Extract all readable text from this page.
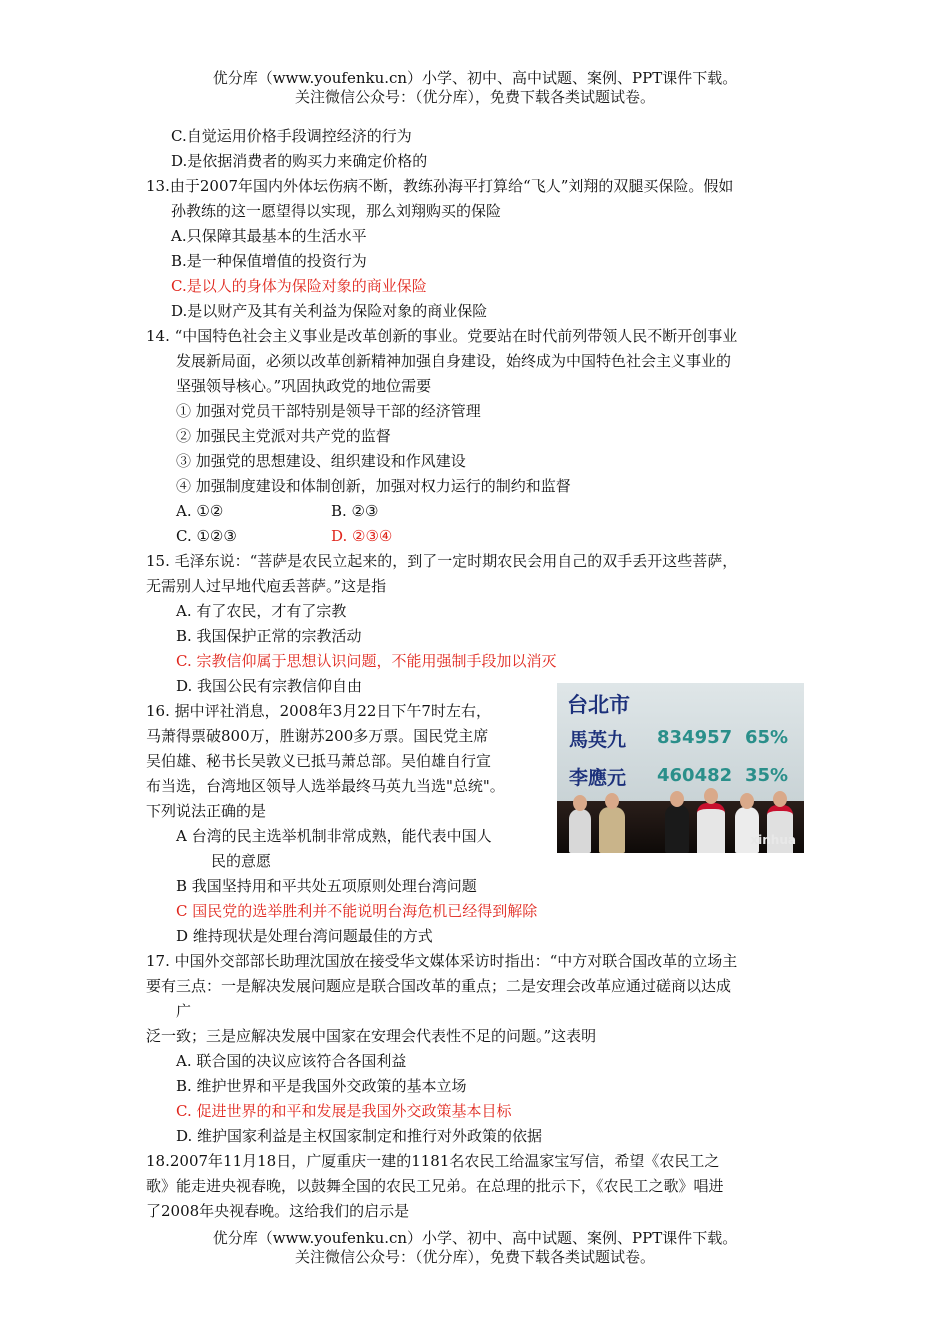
优分库（www.youfenku.cn）小学、初中、高中试题、案例、PPT课件下载。
关注微信公众号：（优分库），免费下载各类试题试卷。
C.自觉运用价格手段调控经济的行为
D.是依据消费者的购买力来确定价格的
13.由于2007年国内外体坛伤病不断，教练孙海平打算给“飞人”刘翔的双腿买保险。假如
孙教练的这一愿望得以实现，那么刘翔购买的保险
A.只保障其最基本的生活水平
B.是一种保值增值的投资行为
C.是以人的身体为保险对象的商业保险
D.是以财产及其有关利益为保险对象的商业保险
14. “中国特色社会主义事业是改革创新的事业。党要站在时代前列带领人民不断开创事业
发展新局面，必须以改革创新精神加强自身建设，始终成为中国特色社会主义事业的
坚强领导核心。”巩固执政党的地位需要
① 加强对党员干部特别是领导干部的经济管理
② 加强民主党派对共产党的监督
③ 加强党的思想建设、组织建设和作风建设
④ 加强制度建设和体制创新，加强对权力运行的制约和监督
A. ①②	B. ②③
C. ①②③	D. ②③④
15. 毛泽东说：“菩萨是农民立起来的，到了一定时期农民会用自己的双手丢开这些菩萨，
无需别人过早地代庖丢菩萨。”这是指
A. 有了农民，才有了宗教
B. 我国保护正常的宗教活动
C. 宗教信仰属于思想认识问题，不能用强制手段加以消灭
D. 我国公民有宗教信仰自由
16. 据中评社消息，2008年3月22日下午7时左右，
马萧得票破800万，胜谢苏200多万票。国民党主席
吴伯雄、秘书长吴敦义已抵马萧总部。吴伯雄自行宣
布当选，台湾地区领导人选举最终马英九当选"总统"。
下列说法正确的是
A 台湾的民主选举机制非常成熟，能代表中国人
民的意愿
B 我国坚持用和平共处五项原则处理台湾问题
C 国民党的选举胜利并不能说明台海危机已经得到解除
D 维持现状是处理台湾问题最佳的方式
17. 中国外交部部长助理沈国放在接受华文媒体采访时指出：“中方对联合国改革的立场主
要有三点：一是解决发展问题应是联合国改革的重点；二是安理会改革应通过磋商以达成
广
泛一致；三是应解决发展中国家在安理会代表性不足的问题。”这表明
A. 联合国的决议应该符合各国利益
B. 维护世界和平是我国外交政策的基本立场
C. 促进世界的和平和发展是我国外交政策基本目标
D. 维护国家利益是主权国家制定和推行对外政策的依据
18.2007年11月18日，广厦重庆一建的1181名农民工给温家宝写信，希望《农民工之
歌》能走进央视春晚，以鼓舞全国的农民工兄弟。在总理的批示下，《农民工之歌》唱进
了2008年央视春晚。这给我们的启示是
台北市
馬英九 834957 65%
李應元 460482 35%
xinhua
优分库（www.youfenku.cn）小学、初中、高中试题、案例、PPT课件下载。
关注微信公众号：（优分库），免费下载各类试题试卷。
